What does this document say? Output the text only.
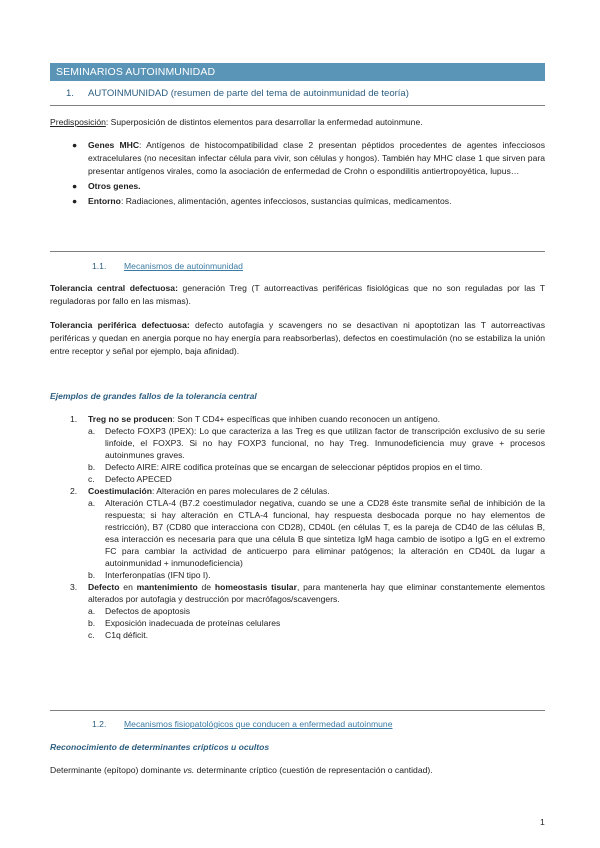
SEMINARIOS AUTOINMUNIDAD
1. AUTOINMUNIDAD (resumen de parte del tema de autoinmunidad de teoría)
Predisposición: Superposición de distintos elementos para desarrollar la enfermedad autoinmune.
● Genes MHC: Antígenos de histocompatibilidad clase 2 presentan péptidos procedentes de agentes infecciosos extracelulares (no necesitan infectar célula para vivir, son células y hongos). También hay MHC clase 1 que sirven para presentar antígenos virales, como la asociación de enfermedad de Crohn o espondilitis antiertropoyética, lupus…
● Otros genes.
● Entorno: Radiaciones, alimentación, agentes infecciosos, sustancias químicas, medicamentos.
1.1. Mecanismos de autoinmunidad
Tolerancia central defectuosa: generación Treg (T autorreactivas periféricas fisiológicas que no son reguladas por las T reguladoras por fallo en las mismas).
Tolerancia periférica defectuosa: defecto autofagia y scavengers no se desactivan ni apoptotizan las T autorreactivas periféricas y quedan en anergia porque no hay energía para reabsorberlas), defectos en coestimulación (no se estabiliza la unión entre receptor y señal por ejemplo, baja afinidad).
Ejemplos de grandes fallos de la tolerancia central
1. Treg no se producen: Son T CD4+ específicas que inhiben cuando reconocen un antígeno.
a. Defecto FOXP3 (IPEX): Lo que caracteriza a las Treg es que utilizan factor de transcripción exclusivo de su serie linfoide, el FOXP3. Si no hay FOXP3 funcional, no hay Treg. Inmunodeficiencia muy grave + procesos autoinmunes graves.
b. Defecto AIRE: AIRE codifica proteínas que se encargan de seleccionar péptidos propios en el timo.
c. Defecto APECED
2. Coestimulación: Alteración en pares moleculares de 2 células.
a. Alteración CTLA-4 (B7.2 coestimulador negativa, cuando se une a CD28 éste transmite señal de inhibición de la respuesta; si hay alteración en CTLA-4 funcional, hay respuesta desbocada porque no hay elementos de restricción), B7 (CD80 que interacciona con CD28), CD40L (en células T, es la pareja de CD40 de las células B, esa interacción es necesaria para que una célula B que sintetiza IgM haga cambio de isotipo a IgG en el extremo FC para cambiar la actividad de anticuerpo para eliminar patógenos; la alteración en CD40L da lugar a autoinmunidad + inmunodeficiencia)
b. Interferonpatías (IFN tipo I).
3. Defecto en mantenimiento de homeostasis tisular, para mantenerla hay que eliminar constantemente elementos alterados por autofagia y destrucción por macrófagos/scavengers.
a. Defectos de apoptosis
b. Exposición inadecuada de proteínas celulares
c. C1q déficit.
1.2. Mecanismos fisiopatológicos que conducen a enfermedad autoinmune
Reconocimiento de determinantes crípticos u ocultos
Determinante (epítopo) dominante vs. determinante críptico (cuestión de representación o cantidad).
1
